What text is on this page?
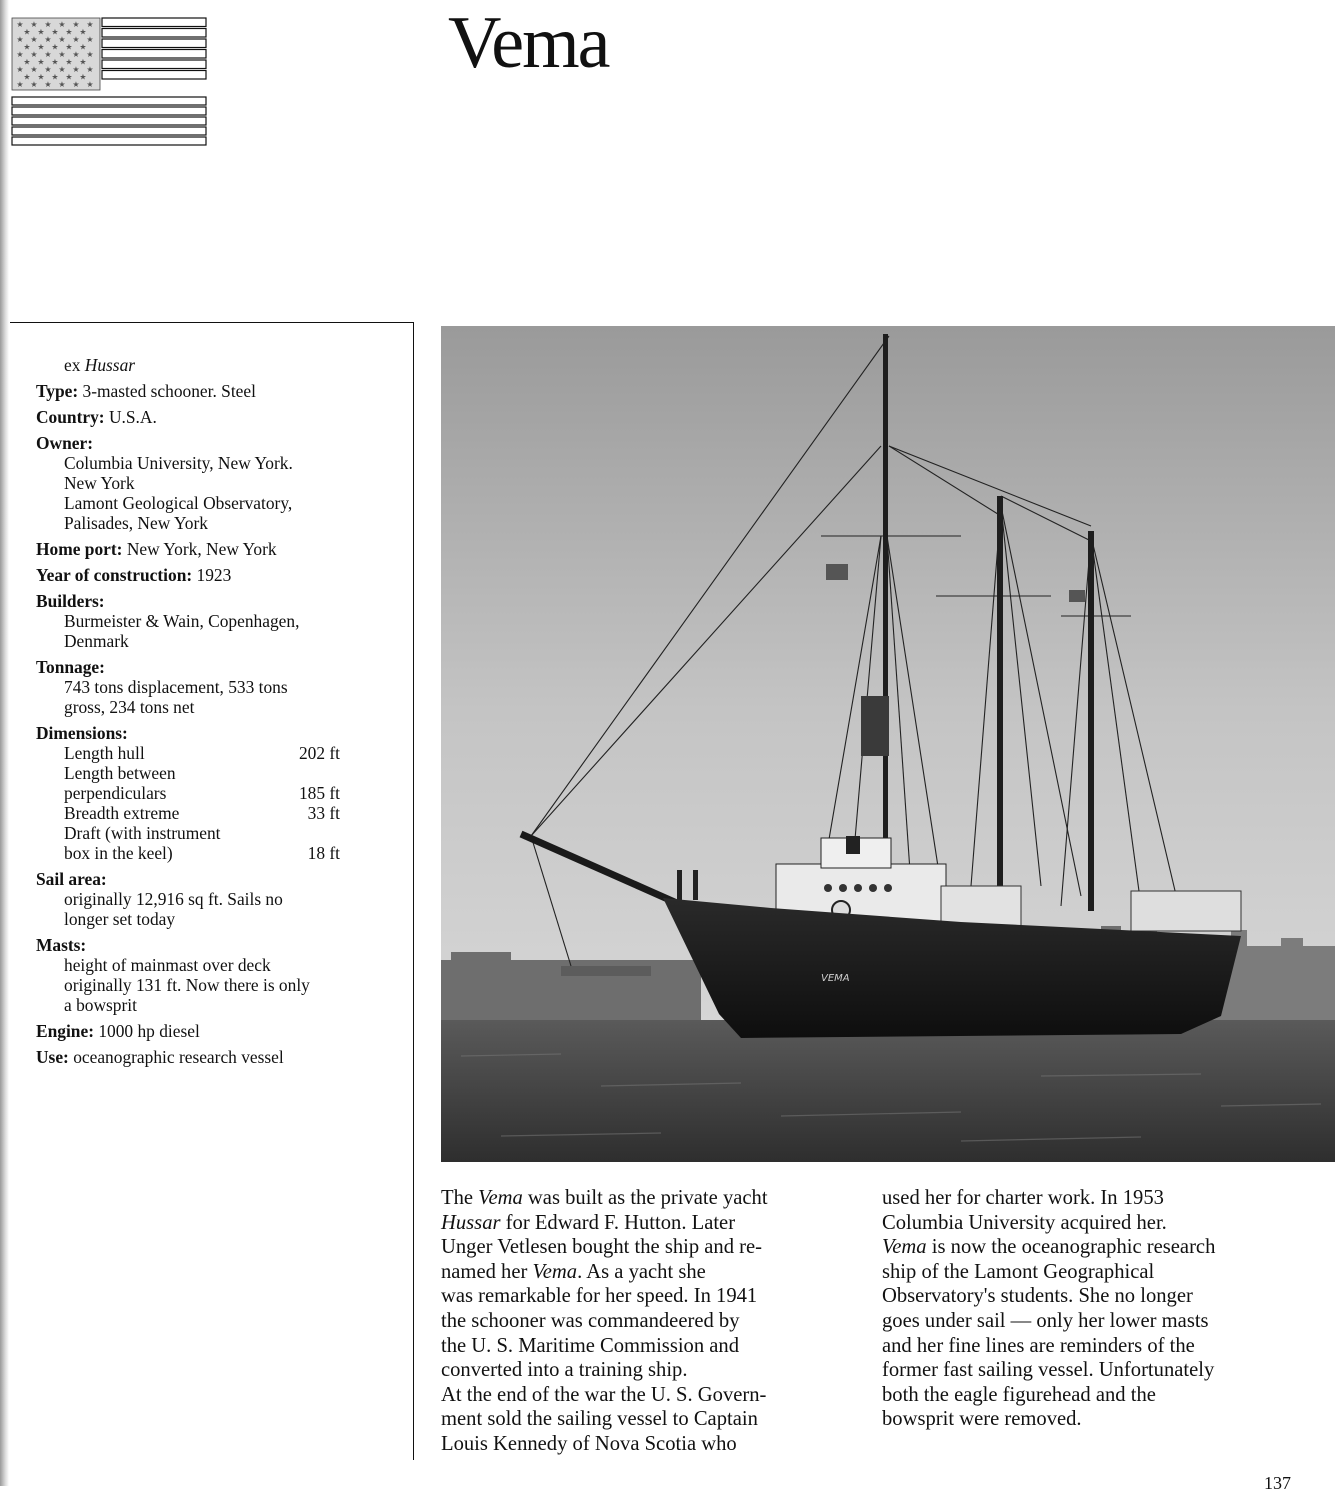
★ ★ ★ ★ ★ ★
★ ★ ★ ★ ★
★ ★ ★ ★ ★ ★
★ ★ ★ ★ ★
★ ★ ★ ★ ★ ★
★ ★ ★ ★ ★
★ ★ ★ ★ ★ ★
★ ★ ★ ★ ★
★ ★ ★ ★ ★ ★
Vema
ex Hussar
Type: 3-masted schooner. Steel
Country: U.S.A.
Owner:
Columbia University, New York.
New York
Lamont Geological Observatory,
Palisades, New York
Home port: New York, New York
Year of construction: 1923
Builders:
Burmeister & Wain, Copenhagen,
Denmark
Tonnage:
743 tons displacement, 533 tons
gross, 234 tons net
Dimensions:
Length hull	202 ft
Length between
perpendiculars	185 ft
Breadth extreme	33 ft
Draft (with instrument
box in the keel)	18 ft
Sail area:
originally 12,916 sq ft. Sails no
longer set today
Masts:
height of mainmast over deck
originally 131 ft. Now there is only
a bowsprit
Engine: 1000 hp diesel
Use: oceanographic research vessel
VEMA

The Vema was built as the private yacht

Hussar for Edward F. Hutton. Later

Unger Vetlesen bought the ship and re-

named her Vema. As a yacht she

was remarkable for her speed. In 1941

the schooner was commandeered by

the U. S. Maritime Commission and

converted into a training ship.

At the end of the war the U. S. Govern-

ment sold the sailing vessel to Captain

Louis Kennedy of Nova Scotia who

used her for charter work. In 1953

Columbia University acquired her.

Vema is now the oceanographic research

ship of the Lamont Geographical

Observatory's students. She no longer

goes under sail — only her lower masts

and her fine lines are reminders of the

former fast sailing vessel. Unfortunately

both the eagle figurehead and the

bowsprit were removed.

137
